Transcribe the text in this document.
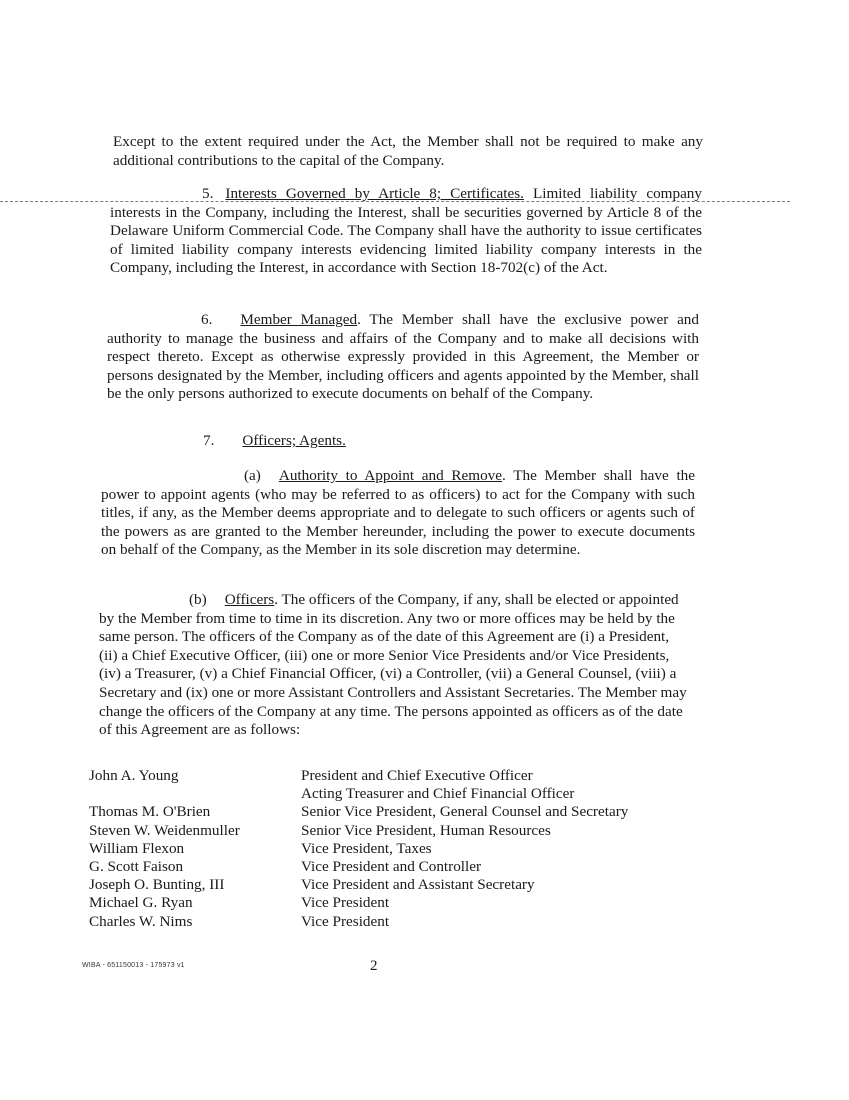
Except to the extent required under the Act, the Member shall not be required to make any additional contributions to the capital of the Company.

5. Interests Governed by Article 8; Certificates. Limited liability company interests in the Company, including the Interest, shall be securities governed by Article 8 of the Delaware Uniform Commercial Code. The Company shall have the authority to issue certificates of limited liability company interests evidencing limited liability company interests in the Company, including the Interest, in accordance with Section 18-702(c) of the Act.

6. Member Managed. The Member shall have the exclusive power and authority to manage the business and affairs of the Company and to make all decisions with respect thereto. Except as otherwise expressly provided in this Agreement, the Member or persons designated by the Member, including officers and agents appointed by the Member, shall be the only persons authorized to execute documents on behalf of the Company.

7. Officers; Agents.

(a) Authority to Appoint and Remove. The Member shall have the power to appoint agents (who may be referred to as officers) to act for the Company with such titles, if any, as the Member deems appropriate and to delegate to such officers or agents such of the powers as are granted to the Member hereunder, including the power to execute documents on behalf of the Company, as the Member in its sole discretion may determine.

(b) Officers. The officers of the Company, if any, shall be elected or appointed by the Member from time to time in its discretion. Any two or more offices may be held by the same person. The officers of the Company as of the date of this Agreement are (i) a President, (ii) a Chief Executive Officer, (iii) one or more Senior Vice Presidents and/or Vice Presidents, (iv) a Treasurer, (v) a Chief Financial Officer, (vi) a Controller, (vii) a General Counsel, (viii) a Secretary and (ix) one or more Assistant Controllers and Assistant Secretaries. The Member may change the officers of the Company at any time. The persons appointed as officers as of the date of this Agreement are as follows:

John A. Young	President and Chief Executive Officer
Acting Treasurer and Chief Financial Officer
Thomas M. O'Brien	Senior Vice President, General Counsel and Secretary
Steven W. Weidenmuller	Senior Vice President, Human Resources
William Flexon	Vice President, Taxes
G. Scott Faison	Vice President and Controller
Joseph O. Bunting, III	Vice President and Assistant Secretary
Michael G. Ryan	Vice President
Charles W. Nims	Vice President
WIBA - 651150013 - 175973 v1	2
